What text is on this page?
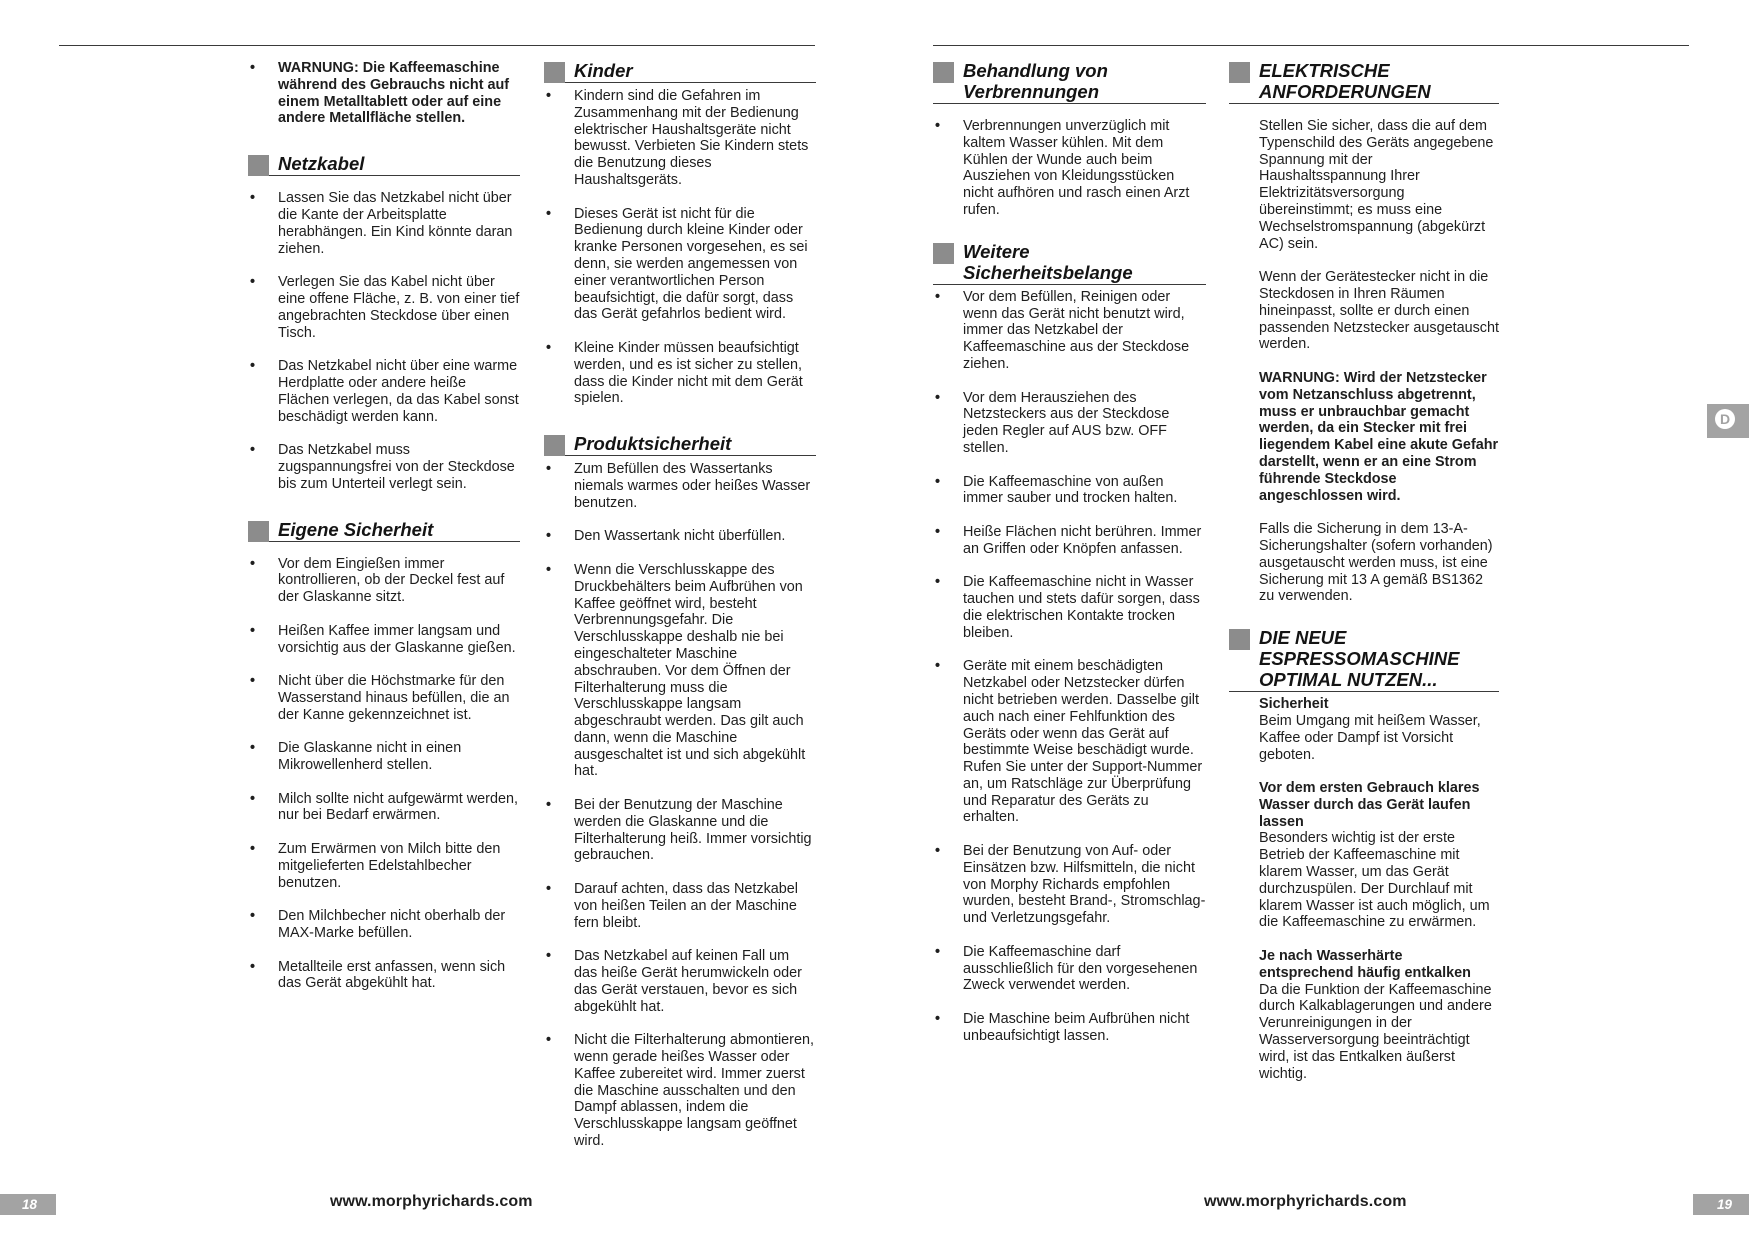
• WARNUNG: Die Kaffeemaschine während des Gebrauchs nicht auf einem Metalltablett oder auf eine andere Metallfläche stellen.
Netzkabel
• Lassen Sie das Netzkabel nicht über die Kante der Arbeitsplatte herabhängen. Ein Kind könnte daran ziehen.
• Verlegen Sie das Kabel nicht über eine offene Fläche, z. B. von einer tief angebrachten Steckdose über einen Tisch.
• Das Netzkabel nicht über eine warme Herdplatte oder andere heiße Flächen verlegen, da das Kabel sonst beschädigt werden kann.
• Das Netzkabel muss zugspannungsfrei von der Steckdose bis zum Unterteil verlegt sein.
Eigene Sicherheit
• Vor dem Eingießen immer kontrollieren, ob der Deckel fest auf der Glaskanne sitzt.
• Heißen Kaffee immer langsam und vorsichtig aus der Glaskanne gießen.
• Nicht über die Höchstmarke für den Wasserstand hinaus befüllen, die an der Kanne gekennzeichnet ist.
• Die Glaskanne nicht in einen Mikrowellenherd stellen.
• Milch sollte nicht aufgewärmt werden, nur bei Bedarf erwärmen.
• Zum Erwärmen von Milch bitte den mitgelieferten Edelstahlbecher benutzen.
• Den Milchbecher nicht oberhalb der MAX-Marke befüllen.
• Metallteile erst anfassen, wenn sich das Gerät abgekühlt hat.
Kinder
• Kindern sind die Gefahren im Zusammenhang mit der Bedienung elektrischer Haushaltsgeräte nicht bewusst. Verbieten Sie Kindern stets die Benutzung dieses Haushaltsgeräts.
• Dieses Gerät ist nicht für die Bedienung durch kleine Kinder oder kranke Personen vorgesehen, es sei denn, sie werden angemessen von einer verantwortlichen Person beaufsichtigt, die dafür sorgt, dass das Gerät gefahrlos bedient wird.
• Kleine Kinder müssen beaufsichtigt werden, und es ist sicher zu stellen, dass die Kinder nicht mit dem Gerät spielen.
Produktsicherheit
• Zum Befüllen des Wassertanks niemals warmes oder heißes Wasser benutzen.
• Den Wassertank nicht überfüllen.
• Wenn die Verschlusskappe des Druckbehälters beim Aufbrühen von Kaffee geöffnet wird, besteht Verbrennungsgefahr. Die Verschlusskappe deshalb nie bei eingeschalteter Maschine abschrauben. Vor dem Öffnen der Filterhalterung muss die Verschlusskappe langsam abgeschraubt werden. Das gilt auch dann, wenn die Maschine ausgeschaltet ist und sich abgekühlt hat.
• Bei der Benutzung der Maschine werden die Glaskanne und die Filterhalterung heiß. Immer vorsichtig gebrauchen.
• Darauf achten, dass das Netzkabel von heißen Teilen an der Maschine fern bleibt.
• Das Netzkabel auf keinen Fall um das heiße Gerät herumwickeln oder das Gerät verstauen, bevor es sich abgekühlt hat.
• Nicht die Filterhalterung abmontieren, wenn gerade heißes Wasser oder Kaffee zubereitet wird. Immer zuerst die Maschine ausschalten und den Dampf ablassen, indem die Verschlusskappe langsam geöffnet wird.
Behandlung von
Verbrennungen
• Verbrennungen unverzüglich mit kaltem Wasser kühlen. Mit dem Kühlen der Wunde auch beim Ausziehen von Kleidungsstücken nicht aufhören und rasch einen Arzt rufen.
Weitere
Sicherheitsbelange
• Vor dem Befüllen, Reinigen oder wenn das Gerät nicht benutzt wird, immer das Netzkabel der Kaffeemaschine aus der Steckdose ziehen.
• Vor dem Herausziehen des Netzsteckers aus der Steckdose jeden Regler auf AUS bzw. OFF stellen.
• Die Kaffeemaschine von außen immer sauber und trocken halten.
• Heiße Flächen nicht berühren. Immer an Griffen oder Knöpfen anfassen.
• Die Kaffeemaschine nicht in Wasser tauchen und stets dafür sorgen, dass die elektrischen Kontakte trocken bleiben.
• Geräte mit einem beschädigten Netzkabel oder Netzstecker dürfen nicht betrieben werden. Dasselbe gilt auch nach einer Fehlfunktion des Geräts oder wenn das Gerät auf bestimmte Weise beschädigt wurde. Rufen Sie unter der Support-Nummer an, um Ratschläge zur Überprüfung und Reparatur des Geräts zu erhalten.
• Bei der Benutzung von Auf- oder Einsätzen bzw. Hilfsmitteln, die nicht von Morphy Richards empfohlen wurden, besteht Brand-, Stromschlag- und Verletzungsgefahr.
• Die Kaffeemaschine darf ausschließlich für den vorgesehenen Zweck verwendet werden.
• Die Maschine beim Aufbrühen nicht unbeaufsichtigt lassen.
ELEKTRISCHE
ANFORDERUNGEN

Stellen Sie sicher, dass die auf dem Typenschild des Geräts angegebene Spannung mit der Haushaltsspannung Ihrer Elektrizitätsversorgung übereinstimmt; es muss eine Wechselstromspannung (abgekürzt AC) sein.

Wenn der Gerätestecker nicht in die Steckdosen in Ihren Räumen hineinpasst, sollte er durch einen passenden Netzstecker ausgetauscht werden.

WARNUNG: Wird der Netzstecker vom Netzanschluss abgetrennt, muss er unbrauchbar gemacht werden, da ein Stecker mit frei liegendem Kabel eine akute Gefahr darstellt, wenn er an eine Strom führende Steckdose angeschlossen wird.

Falls die Sicherung in dem 13-A-Sicherungshalter (sofern vorhanden) ausgetauscht werden muss, ist eine Sicherung mit 13 A gemäß BS1362 zu verwenden.

DIE NEUE
ESPRESSOMASCHINE
OPTIMAL NUTZEN...
Sicherheit

Beim Umgang mit heißem Wasser, Kaffee oder Dampf ist Vorsicht geboten.

Vor dem ersten Gebrauch klares Wasser durch das Gerät laufen lassen

Besonders wichtig ist der erste Betrieb der Kaffeemaschine mit klarem Wasser, um das Gerät durchzuspülen. Der Durchlauf mit klarem Wasser ist auch möglich, um die Kaffeemaschine zu erwärmen.

Je nach Wasserhärte entsprechend häufig entkalken

Da die Funktion der Kaffeemaschine durch Kalkablagerungen und andere Verunreinigungen in der Wasserversorgung beeinträchtigt wird, ist das Entkalken äußerst wichtig.

D
18	www.morphyrichards.com	www.morphyrichards.com	19
